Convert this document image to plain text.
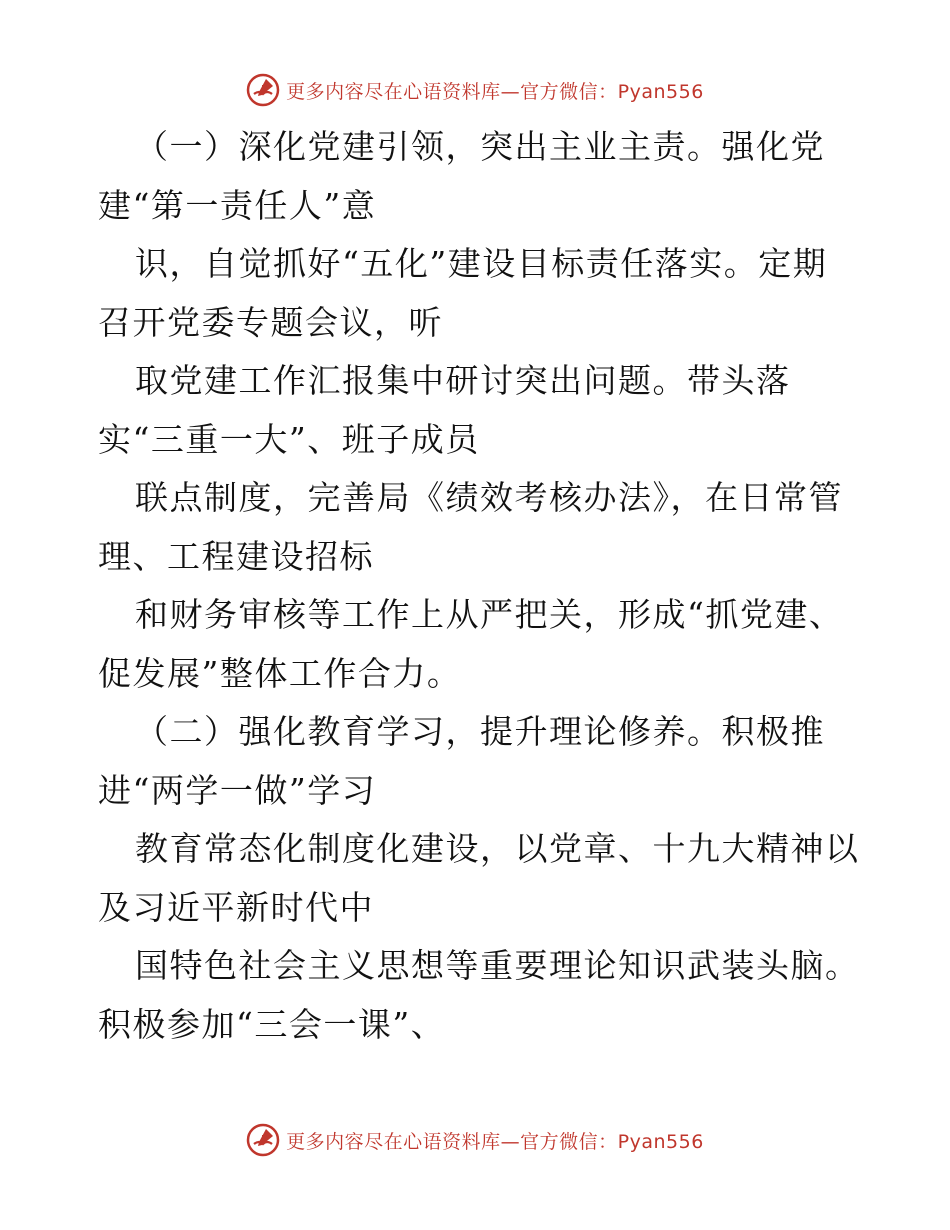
更多内容尽在心语资料库—官方微信：Pyan556
（一）深化党建引领，突出主业主责。强化党
建“第一责任人”意
识，自觉抓好“五化”建设目标责任落实。定期
召开党委专题会议，听
取党建工作汇报集中研讨突出问题。带头落
实“三重一大”、班子成员
联点制度，完善局《绩效考核办法》，在日常管
理、工程建设招标
和财务审核等工作上从严把关，形成“抓党建、
促发展”整体工作合力。
（二）强化教育学习，提升理论修养。积极推
进“两学一做”学习
教育常态化制度化建设，以党章、十九大精神以
及习近平新时代中
国特色社会主义思想等重要理论知识武装头脑。
积极参加“三会一课”、
更多内容尽在心语资料库—官方微信：Pyan556
